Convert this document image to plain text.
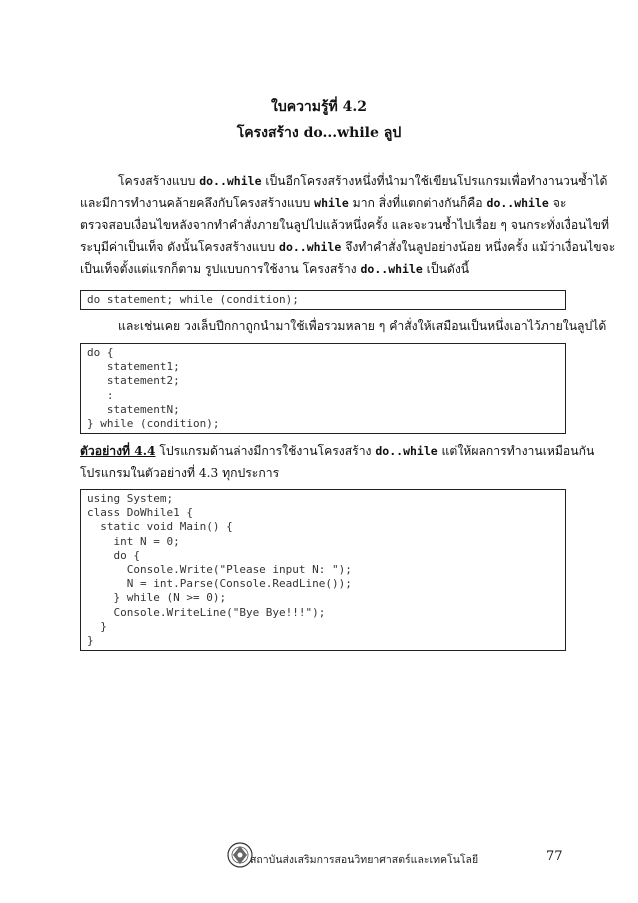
ใบความรู้ที่ 4.2
โครงสร้าง do...while ลูป
โครงสร้างแบบ do..while เป็นอีกโครงสร้างหนึ่งที่นำมาใช้เขียนโปรแกรมเพื่อทำงานวนซ้ำได้
และมีการทำงานคล้ายคลึงกับโครงสร้างแบบ while มาก สิ่งที่แตกต่างกันก็คือ do..while จะ
ตรวจสอบเงื่อนไขหลังจากทำคำสั่งภายในลูปไปแล้วหนึ่งครั้ง และจะวนซ้ำไปเรื่อย ๆ จนกระทั่งเงื่อนไขที่
ระบุมีค่าเป็นเท็จ ดังนั้นโครงสร้างแบบ do..while จึงทำคำสั่งในลูปอย่างน้อย หนึ่งครั้ง แม้ว่าเงื่อนไขจะ
เป็นเท็จตั้งแต่แรกก็ตาม รูปแบบการใช้งาน โครงสร้าง do..while เป็นดังนี้
do statement; while (condition);
และเช่นเคย วงเล็บปีกกาถูกนำมาใช้เพื่อรวมหลาย ๆ คำสั่งให้เสมือนเป็นหนึ่งเอาไว้ภายในลูปได้
do {
statement1;
statement2;
:
statementN;
} while (condition);
ตัวอย่างที่ 4.4 โปรแกรมด้านล่างมีการใช้งานโครงสร้าง do..while แต่ให้ผลการทำงานเหมือนกัน
โปรแกรมในตัวอย่างที่ 4.3 ทุกประการ
using System;
class DoWhile1 {
static void Main() {
int N = 0;
do {
Console.Write("Please input N: ");
N = int.Parse(Console.ReadLine());
} while (N >= 0);
Console.WriteLine("Bye Bye!!!");
}
}
สถาบันส่งเสริมการสอนวิทยาศาสตร์และเทคโนโลยี	77
